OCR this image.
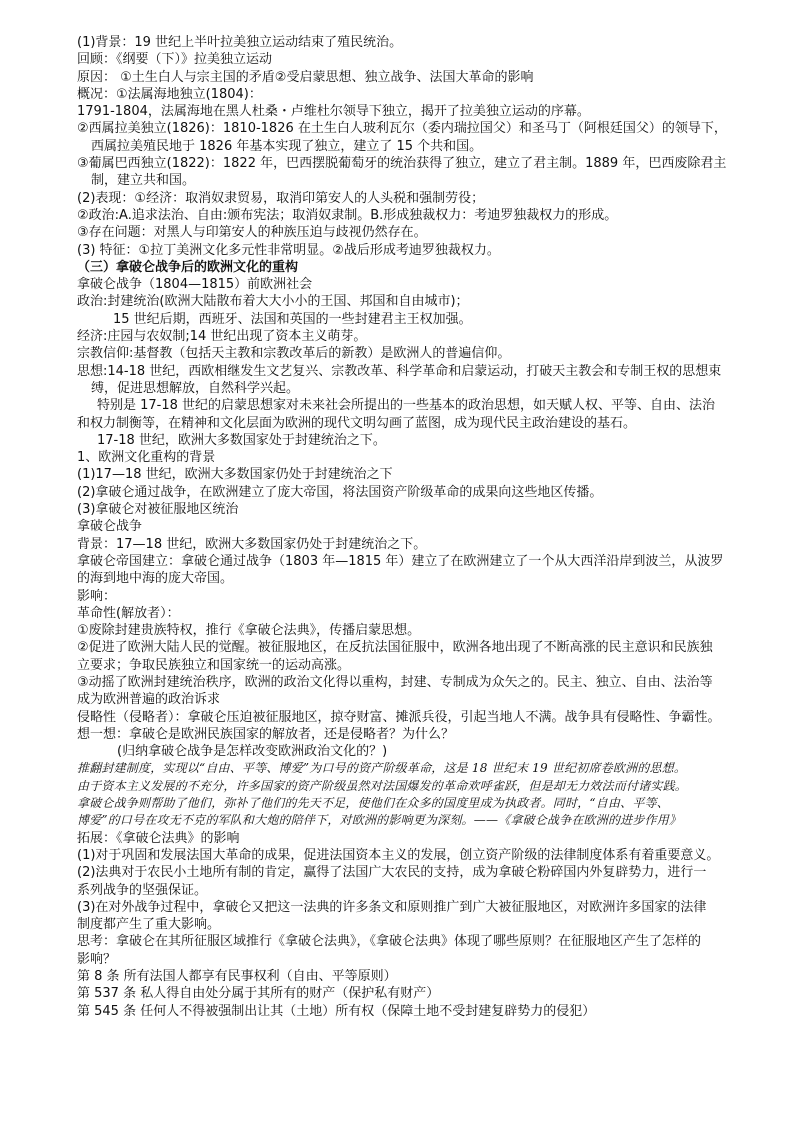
(1)背景：19 世纪上半叶拉美独立运动结束了殖民统治。
回顾：《纲要（下）》拉美独立运动
原因： ①土生白人与宗主国的矛盾②受启蒙思想、独立战争、法国大革命的影响
概况：①法属海地独立(1804)：
1791-1804，法属海地在黑人杜桑・卢维杜尔领导下独立，揭开了拉美独立运动的序幕。
②西属拉美独立(1826)：1810-1826 在土生白人玻利瓦尔（委内瑞拉国父）和圣马丁（阿根廷国父）的领导下，
西属拉美殖民地于 1826 年基本实现了独立，建立了 15 个共和国。
③葡属巴西独立(1822)：1822 年，巴西摆脱葡萄牙的统治获得了独立，建立了君主制。1889 年，巴西废除君主
制，建立共和国。
(2)表现：①经济：取消奴隶贸易，取消印第安人的人头税和强制劳役；
②政治:A.追求法治、自由:颁布宪法；取消奴隶制。B.形成独裁权力：考迪罗独裁权力的形成。
③存在问题：对黑人与印第安人的种族压迫与歧视仍然存在。
(3) 特征：①拉丁美洲文化多元性非常明显。②战后形成考迪罗独裁权力。
（三）拿破仑战争后的欧洲文化的重构
拿破仑战争（1804—1815）前欧洲社会
政治:封建统治(欧洲大陆散布着大大小小的王国、邦国和自由城市)；
15 世纪后期，西班牙、法国和英国的一些封建君主王权加强。
经济:庄园与农奴制;14 世纪出现了资本主义萌芽。
宗教信仰:基督教（包括天主教和宗教改革后的新教）是欧洲人的普遍信仰。
思想:14-18 世纪，西欧相继发生文艺复兴、宗教改革、科学革命和启蒙运动，打破天主教会和专制王权的思想束
缚，促进思想解放，自然科学兴起。
特别是 17-18 世纪的启蒙思想家对未来社会所提出的一些基本的政治思想，如天赋人权、平等、自由、法治
和权力制衡等，在精神和文化层面为欧洲的现代文明勾画了蓝图，成为现代民主政治建设的基石。
17-18 世纪，欧洲大多数国家处于封建统治之下。
1、欧洲文化重构的背景
(1)17—18 世纪，欧洲大多数国家仍处于封建统治之下
(2)拿破仑通过战争，在欧洲建立了庞大帝国，将法国资产阶级革命的成果向这些地区传播。
(3)拿破仑对被征服地区统治
拿破仑战争
背景：17—18 世纪，欧洲大多数国家仍处于封建统治之下。
拿破仑帝国建立：拿破仑通过战争（1803 年—1815 年）建立了在欧洲建立了一个从大西洋沿岸到波兰，从波罗
的海到地中海的庞大帝国。
影响：
革命性(解放者）：
①废除封建贵族特权，推行《拿破仑法典》，传播启蒙思想。
②促进了欧洲大陆人民的觉醒。被征服地区，在反抗法国征服中，欧洲各地出现了不断高涨的民主意识和民族独
立要求；争取民族独立和国家统一的运动高涨。
③动摇了欧洲封建统治秩序，欧洲的政治文化得以重构，封建、专制成为众矢之的。民主、独立、自由、法治等
成为欧洲普遍的政治诉求
侵略性（侵略者）：拿破仑压迫被征服地区，掠夺财富、摊派兵役，引起当地人不满。战争具有侵略性、争霸性。
想一想：拿破仑是欧洲民族国家的解放者，还是侵略者？为什么？
(归纳拿破仑战争是怎样改变欧洲政治文化的？)
推翻封建制度，实现以“自由、平等、博爱”为口号的资产阶级革命，这是 18 世纪末 19 世纪初席卷欧洲的思想。
由于资本主义发展的不充分，许多国家的资产阶级虽然对法国爆发的革命欢呼雀跃，但是却无力效法而付诸实践。
拿破仑战争则帮助了他们，弥补了他们的先天不足，使他们在众多的国度里成为执政者。同时，“自由、平等、
博爱”的口号在攻无不克的军队和大炮的陪伴下，对欧洲的影响更为深刻。——《拿破仑战争在欧洲的进步作用》
拓展：《拿破仑法典》的影响
(1)对于巩固和发展法国大革命的成果，促进法国资本主义的发展，创立资产阶级的法律制度体系有着重要意义。
(2)法典对于农民小土地所有制的肯定，赢得了法国广大农民的支持，成为拿破仑粉碎国内外复辟势力，进行一
系列战争的坚强保证。
(3)在对外战争过程中，拿破仑又把这一法典的许多条文和原则推广到广大被征服地区，对欧洲许多国家的法律
制度都产生了重大影响。
思考：拿破仑在其所征服区域推行《拿破仑法典》，《拿破仑法典》体现了哪些原则？在征服地区产生了怎样的
影响？
第 8 条 所有法国人都享有民事权利（自由、平等原则）
第 537 条 私人得自由处分属于其所有的财产（保护私有财产）
第 545 条 任何人不得被强制出让其（土地）所有权（保障土地不受封建复辟势力的侵犯）
